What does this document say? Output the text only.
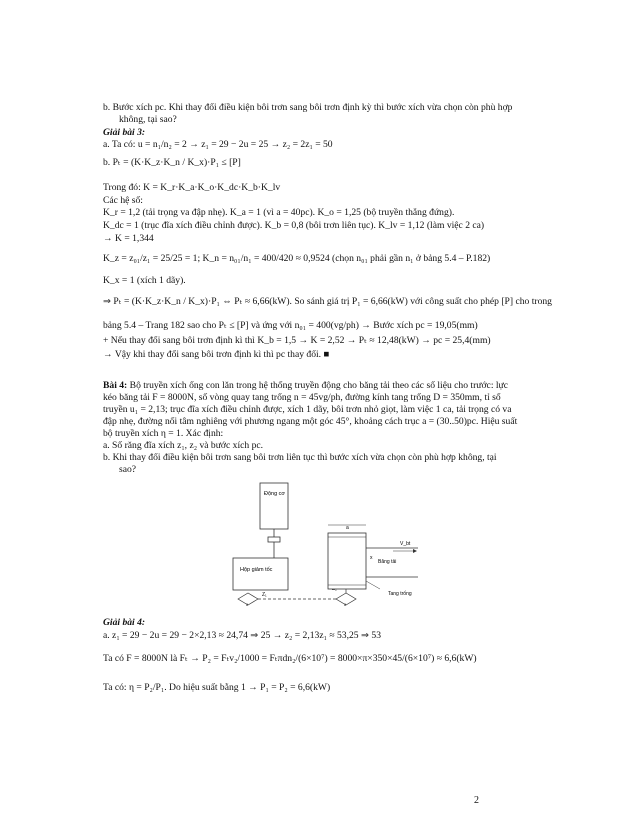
b. Bước xích pc. Khi thay đổi điều kiện bôi trơn sang bôi trơn định kỳ thì bước xích vừa chọn còn phù hợp
không, tại sao?
Giải bài 3:
a. Ta có: u = n₁/n₂ = 2 → z₁ = 29 − 2u = 25 → z₂ = 2z₁ = 50
b. Pₜ = (K·K_z·K_n / K_x)·P₁ ≤ [P]
Trong đó: K = K_r·K_a·K_o·K_dc·K_b·K_lv
Các hệ số:
K_r = 1,2 (tải trọng va đập nhẹ). K_a = 1 (vì a = 40pc). K_o = 1,25 (bộ truyền thẳng đứng).
K_dc = 1 (trục đĩa xích điều chỉnh được). K_b = 0,8 (bôi trơn liên tục). K_lv = 1,12 (làm việc 2 ca)
→ K = 1,344
K_z = z₀₁/z₁ = 25/25 = 1; K_n = n₀₁/n₁ = 400/420 ≈ 0,9524 (chọn n₀₁ phải gần n₁ ở bảng 5.4 – P.182)
K_x = 1 (xích 1 dãy).
⇒ Pₜ = (K·K_z·K_n / K_x)·P₁ ⇔ Pₜ ≈ 6,66(kW). So sánh giá trị P₁ = 6,66(kW) với công suất cho phép [P] cho trong
bảng 5.4 – Trang 182 sao cho Pₜ ≤ [P] và ứng với n₀₁ = 400(vg/ph) → Bước xích pc = 19,05(mm)
+ Nếu thay đổi sang bôi trơn định kì thì K_b = 1,5 → K = 2,52 → Pₜ ≈ 12,48(kW) → pc = 25,4(mm)
→ Vậy khi thay đổi sang bôi trơn định kì thì pc thay đổi. ■
Bài 4: Bộ truyền xích ống con lăn trong hệ thống truyền động cho băng tải theo các số liệu cho trước: lực
kéo băng tải F = 8000N, số vòng quay tang trống n = 45vg/ph, đường kính tang trống D = 350mm, tỉ số
truyền u₁ = 2,13; trục đĩa xích điều chỉnh được, xích 1 dãy, bôi trơn nhỏ giọt, làm việc 1 ca, tải trọng có va
đập nhẹ, đường nối tâm nghiêng với phương ngang một góc 45°, khoảng cách trục a = (30..50)pc. Hiệu suất
bộ truyền xích η = 1. Xác định:
a. Số răng đĩa xích z₁, z₂ và bước xích pc.
b. Khi thay đổi điều kiện bôi trơn sang bôi trơn liên tục thì bước xích vừa chọn còn phù hợp không, tại
sao?
Giải bài 4:
a. z₁ = 29 − 2u = 29 − 2×2,13 ≈ 24,74 ⇒ 25 → z₂ = 2,13z₁ ≈ 53,25 ⇒ 53
Ta có F = 8000N là Fₜ → P₂ = Fₜv₂/1000 = Fₜπdn₂/(6×10⁷) = 8000×π×350×45/(6×10⁷) ≈ 6,6(kW)
Ta có: η = P₂/P₁. Do hiệu suất bằng 1 → P₁ = P₂ = 6,6(kW)
Động cơ
Hộp giảm tốc
Z₁
a
V_bt
Băng tải
x
Tang trống
x	x
2
